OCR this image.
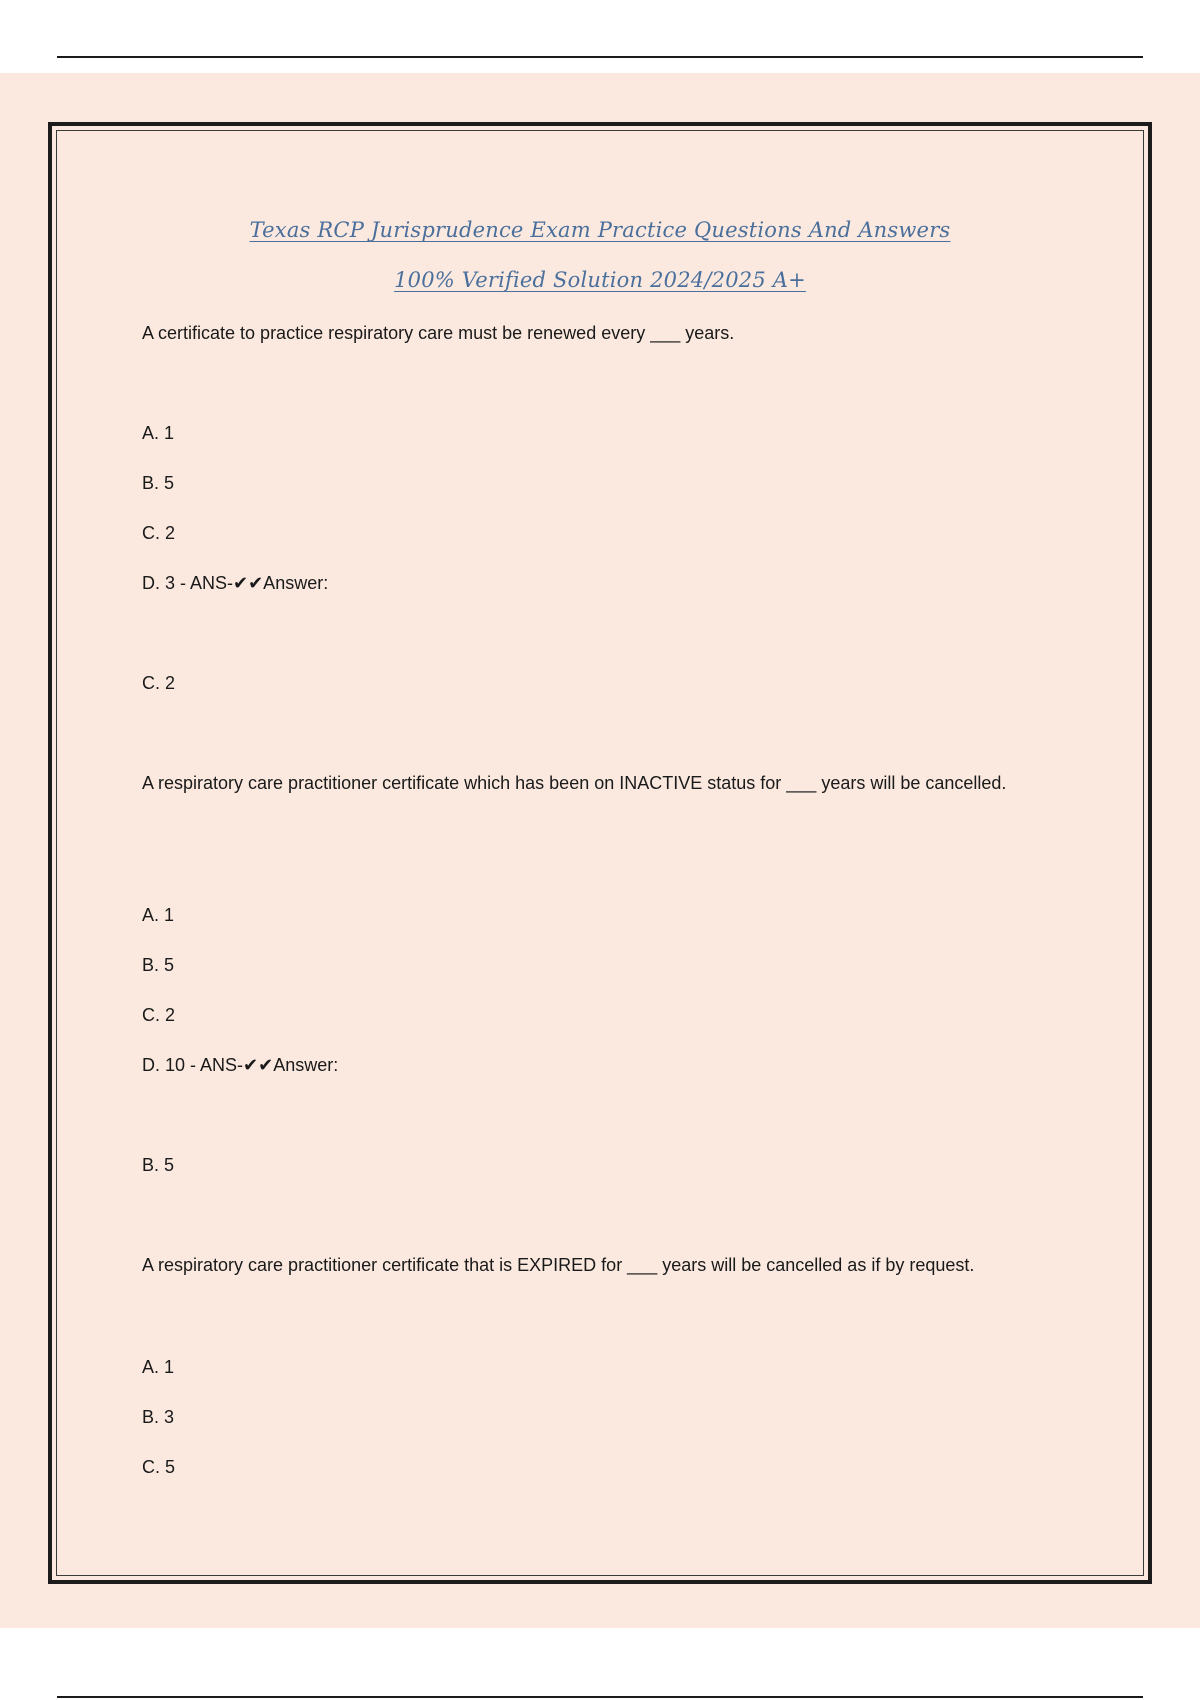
Texas RCP Jurisprudence Exam Practice Questions And Answers
100% Verified Solution 2024/2025 A+
A certificate to practice respiratory care must be renewed every ___ years.
A. 1
B. 5
C. 2
D. 3 - ANS-✔✔Answer:
C. 2
A respiratory care practitioner certificate which has been on INACTIVE status for ___ years will be cancelled.
A. 1
B. 5
C. 2
D. 10 - ANS-✔✔Answer:
B. 5
A respiratory care practitioner certificate that is EXPIRED for ___ years will be cancelled as if by request.
A. 1
B. 3
C. 5
